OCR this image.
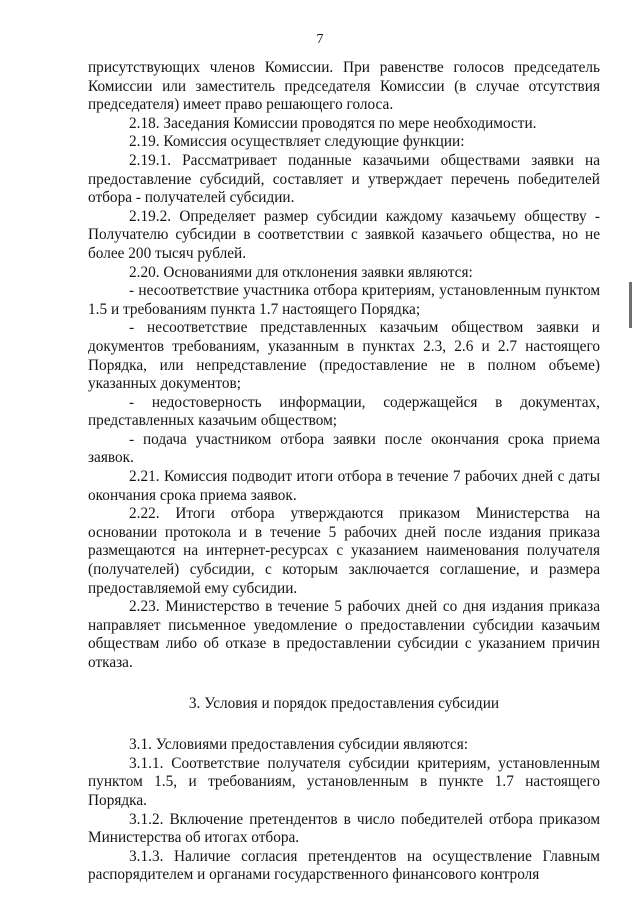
7

присутствующих членов Комиссии. При равенстве голосов председатель Комиссии или заместитель председателя Комиссии (в случае отсутствия председателя) имеет право решающего голоса.

2.18. Заседания Комиссии проводятся по мере необходимости.

2.19. Комиссия осуществляет следующие функции:

2.19.1. Рассматривает поданные казачьими обществами заявки на предоставление субсидий, составляет и утверждает перечень победителей отбора - получателей субсидии.

2.19.2. Определяет размер субсидии каждому казачьему обществу - Получателю субсидии в соответствии с заявкой казачьего общества, но не более 200 тысяч рублей.

2.20. Основаниями для отклонения заявки являются:

- несоответствие участника отбора критериям, установленным пунктом 1.5 и требованиям пункта 1.7 настоящего Порядка;

- несоответствие представленных казачьим обществом заявки и документов требованиям, указанным в пунктах 2.3, 2.6 и 2.7 настоящего Порядка, или непредставление (предоставление не в полном объеме) указанных документов;

- недостоверность информации, содержащейся в документах, представленных казачьим обществом;

- подача участником отбора заявки после окончания срока приема заявок.

2.21. Комиссия подводит итоги отбора в течение 7 рабочих дней с даты окончания срока приема заявок.

2.22. Итоги отбора утверждаются приказом Министерства на основании протокола и в течение 5 рабочих дней после издания приказа размещаются на интернет-ресурсах с указанием наименования получателя (получателей) субсидии, с которым заключается соглашение, и размера предоставляемой ему субсидии.

2.23. Министерство в течение 5 рабочих дней со дня издания приказа направляет письменное уведомление о предоставлении субсидии казачьим обществам либо об отказе в предоставлении субсидии с указанием причин отказа.

3. Условия и порядок предоставления субсидии

3.1. Условиями предоставления субсидии являются:

3.1.1. Соответствие получателя субсидии критериям, установленным пунктом 1.5, и требованиям, установленным в пункте 1.7 настоящего Порядка.

3.1.2. Включение претендентов в число победителей отбора приказом Министерства об итогах отбора.

3.1.3. Наличие согласия претендентов на осуществление Главным распорядителем и органами государственного финансового контроля
